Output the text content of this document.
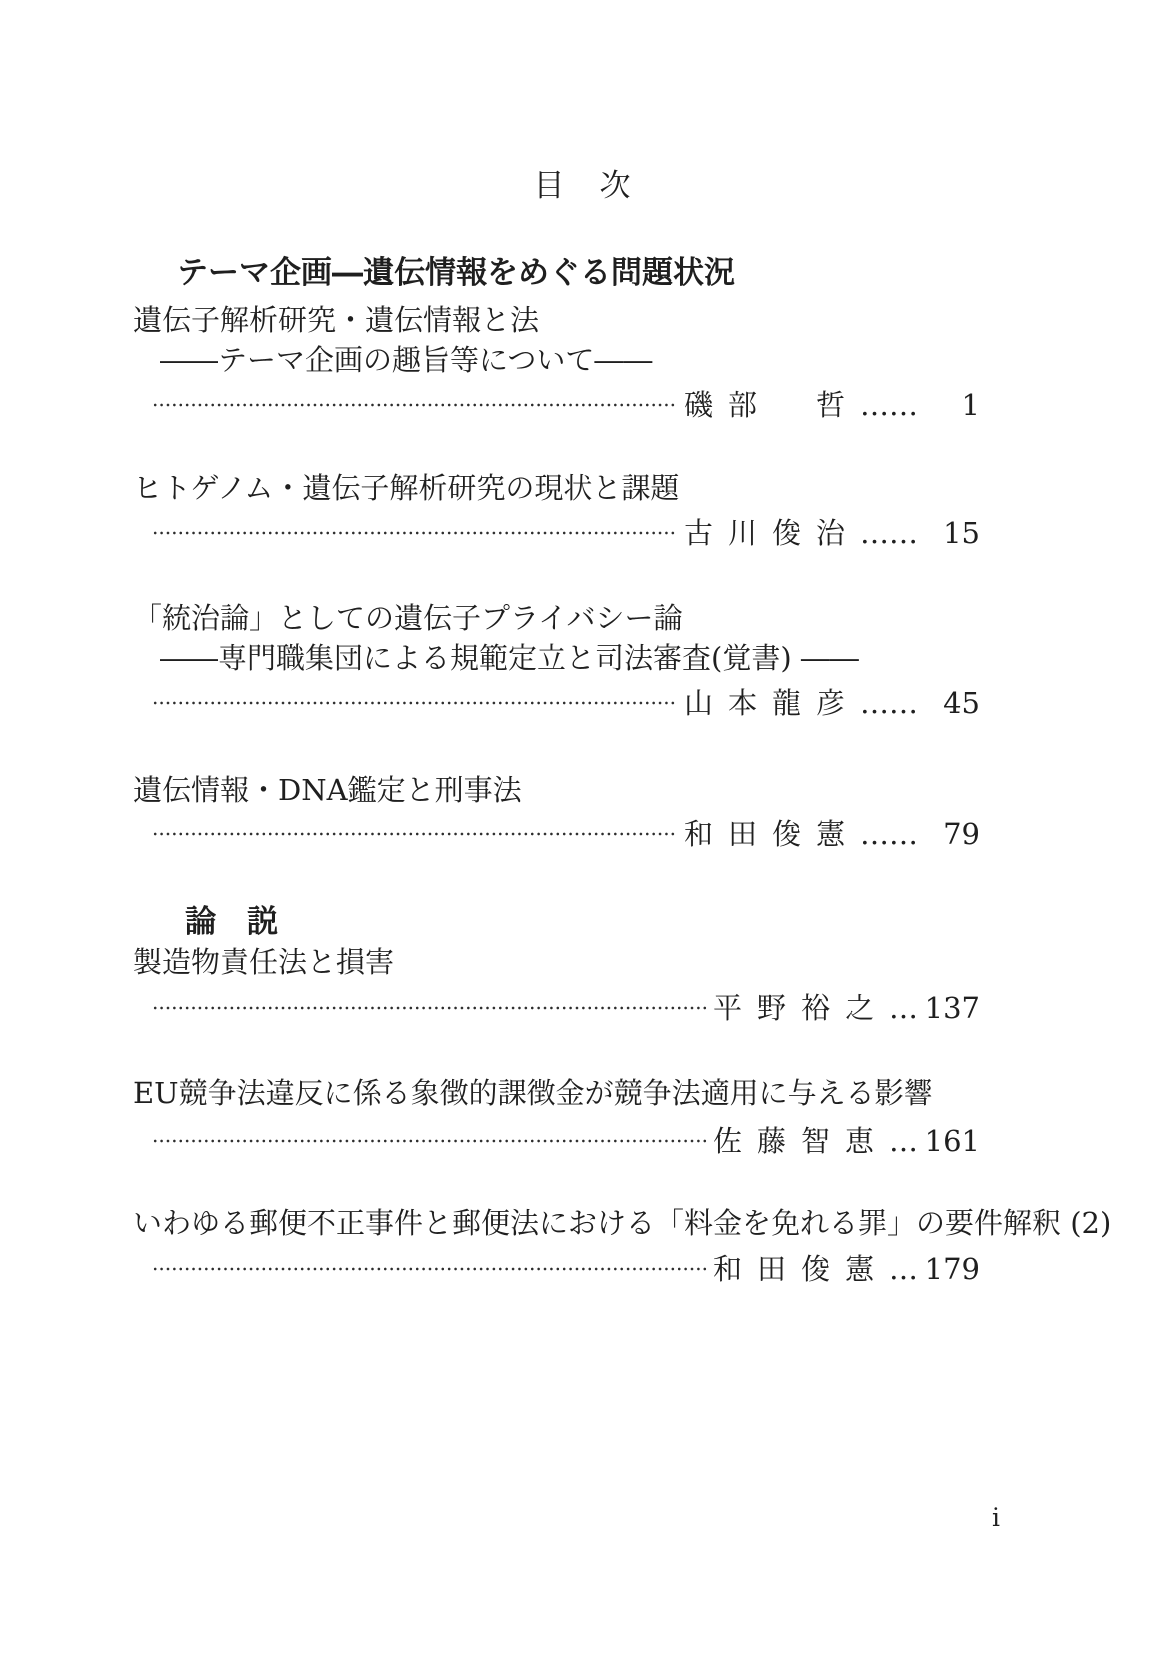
目　次
テーマ企画―遺伝情報をめぐる問題状況
遺伝子解析研究・遺伝情報と法
――テーマ企画の趣旨等について――
磯部　哲 ……	1
ヒトゲノム・遺伝子解析研究の現状と課題
古川俊治 …… 15
「統治論」としての遺伝子プライバシー論
――専門職集団による規範定立と司法審査(覚書) ――
山本龍彦 …… 45
遺伝情報・DNA鑑定と刑事法
和田俊憲 …… 79
論　説
製造物責任法と損害
平野裕之 … 137
EU競争法違反に係る象徴的課徴金が競争法適用に与える影響
佐藤智恵 … 161
いわゆる郵便不正事件と郵便法における「料金を免れる罪」の要件解釈 (2)
和田俊憲 … 179
i
